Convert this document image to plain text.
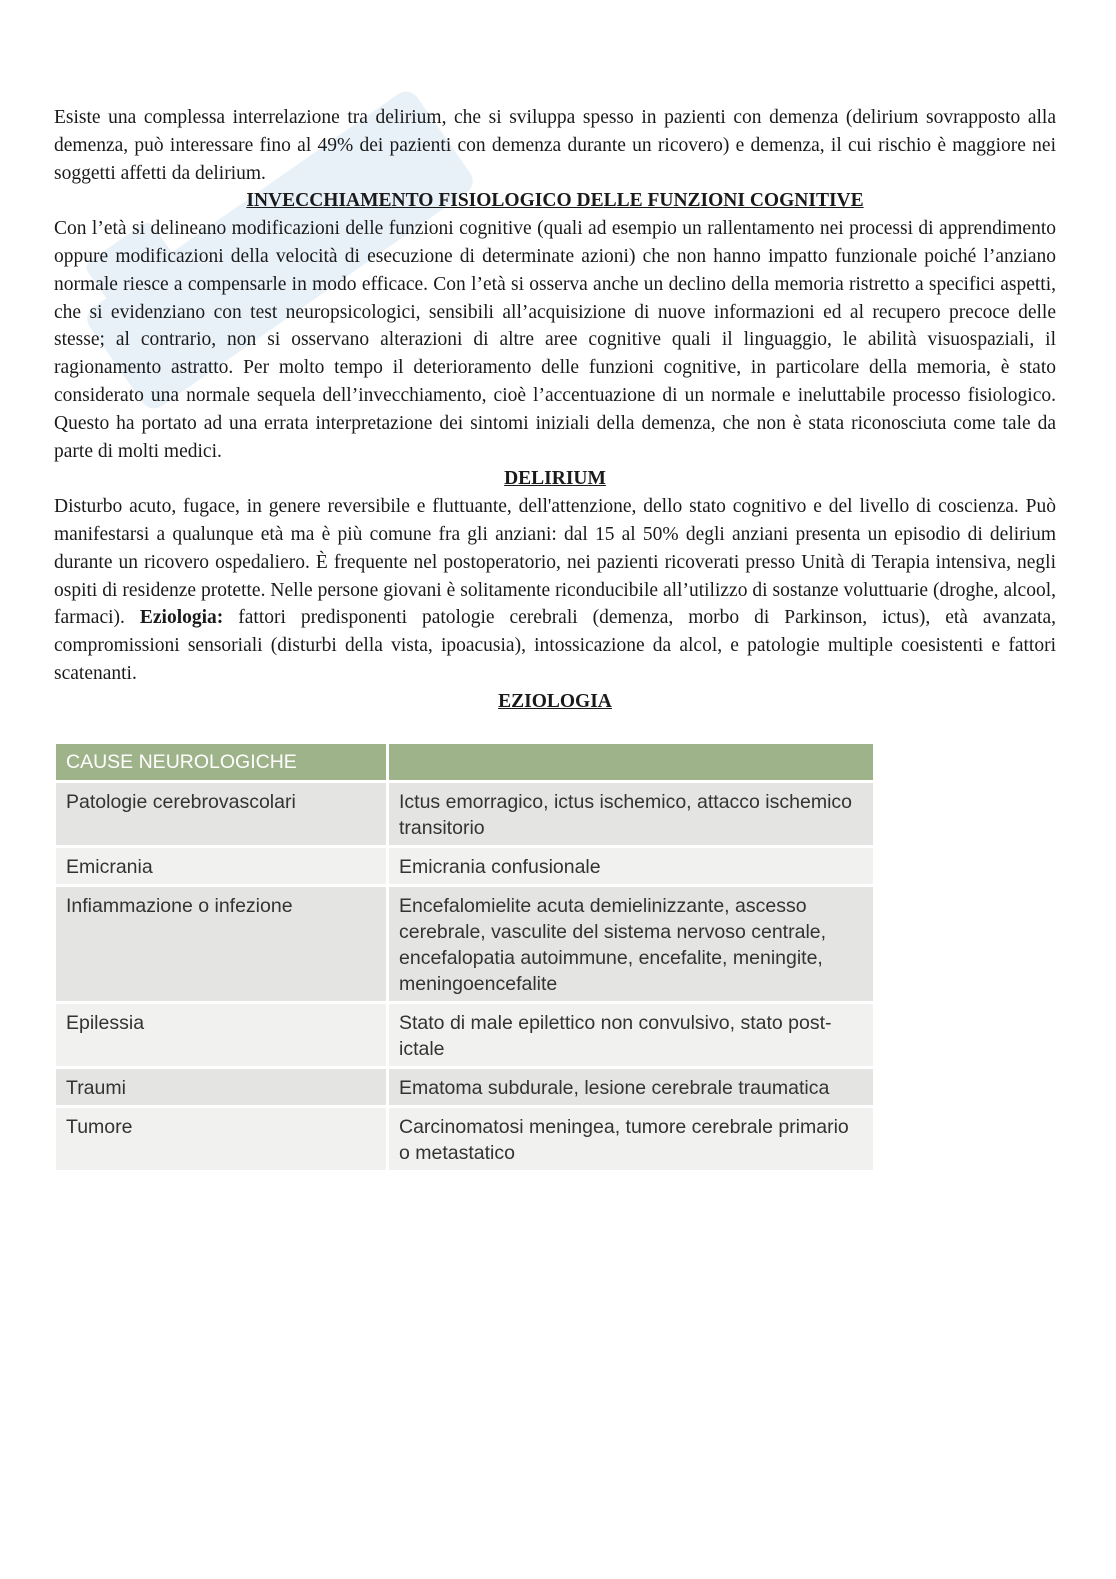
Esiste una complessa interrelazione tra delirium, che si sviluppa spesso in pazienti con demenza (delirium sovrapposto alla demenza, può interessare fino al 49% dei pazienti con demenza durante un ricovero) e demenza, il cui rischio è maggiore nei soggetti affetti da delirium.

INVECCHIAMENTO FISIOLOGICO DELLE FUNZIONI COGNITIVE

Con l’età si delineano modificazioni delle funzioni cognitive (quali ad esempio un rallentamento nei processi di apprendimento oppure modificazioni della velocità di esecuzione di determinate azioni) che non hanno impatto funzionale poiché l’anziano normale riesce a compensarle in modo efficace. Con l’età si osserva anche un declino della memoria ristretto a specifici aspetti, che si evidenziano con test neuropsicologici, sensibili all’acquisizione di nuove informazioni ed al recupero precoce delle stesse; al contrario, non si osservano alterazioni di altre aree cognitive quali il linguaggio, le abilità visuospaziali, il ragionamento astratto. Per molto tempo il deterioramento delle funzioni cognitive, in particolare della memoria, è stato considerato una normale sequela dell’invecchiamento, cioè l’accentuazione di un normale e ineluttabile processo fisiologico. Questo ha portato ad una errata interpretazione dei sintomi iniziali della demenza, che non è stata riconosciuta come tale da parte di molti medici.

DELIRIUM

Disturbo acuto, fugace, in genere reversibile e fluttuante, dell'attenzione, dello stato cognitivo e del livello di coscienza. Può manifestarsi a qualunque età ma è più comune fra gli anziani: dal 15 al 50% degli anziani presenta un episodio di delirium durante un ricovero ospedaliero. È frequente nel postoperatorio, nei pazienti ricoverati presso Unità di Terapia intensiva, negli ospiti di residenze protette. Nelle persone giovani è solitamente riconducibile all’utilizzo di sostanze voluttuarie (droghe, alcool, farmaci). Eziologia: fattori predisponenti patologie cerebrali (demenza, morbo di Parkinson, ictus), età avanzata, compromissioni sensoriali (disturbi della vista, ipoacusia), intossicazione da alcol, e patologie multiple coesistenti e fattori scatenanti.

EZIOLOGIA
CAUSE NEUROLOGICHE	
Patologie cerebrovascolari	Ictus emorragico, ictus ischemico, attacco ischemico transitorio
Emicrania	Emicrania confusionale
Infiammazione o infezione	Encefalomielite acuta demielinizzante, ascesso cerebrale, vasculite del sistema nervoso centrale, encefalopatia autoimmune, encefalite, meningite, meningoencefalite
Epilessia	Stato di male epilettico non convulsivo, stato post-ictale
Traumi	Ematoma subdurale, lesione cerebrale traumatica
Tumore	Carcinomatosi meningea, tumore cerebrale primario o metastatico
